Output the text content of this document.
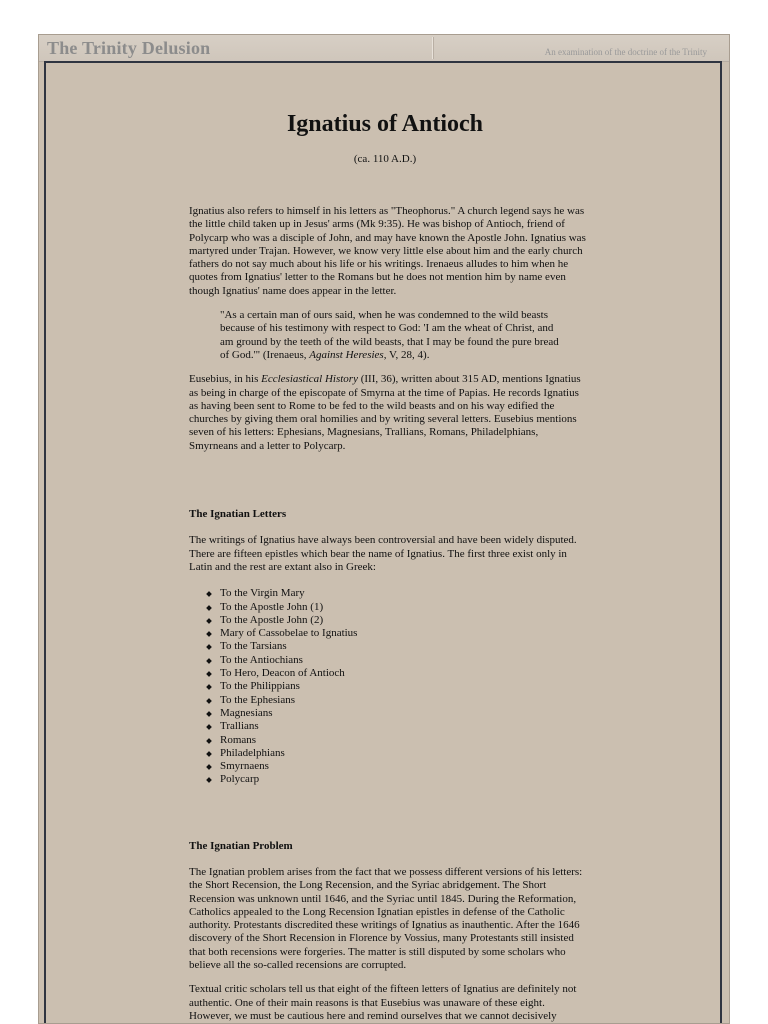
The Trinity Delusion	An examination of the doctrine of the Trinity
Ignatius of Antioch
(ca. 110 A.D.)

Ignatius also refers to himself in his letters as "Theophorus." A church legend says he was the little child taken up in Jesus' arms (Mk 9:35). He was bishop of Antioch, friend of Polycarp who was a disciple of John, and may have known the Apostle John. Ignatius was martyred under Trajan. However, we know very little else about him and the early church fathers do not say much about his life or his writings. Irenaeus alludes to him when he quotes from Ignatius' letter to the Romans but he does not mention him by name even though Ignatius' name does appear in the letter.

"As a certain man of ours said, when he was condemned to the wild beasts because of his testimony with respect to God: 'I am the wheat of Christ, and am ground by the teeth of the wild beasts, that I may be found the pure bread of God.'" (Irenaeus, Against Heresies, V, 28, 4).

Eusebius, in his Ecclesiastical History (III, 36), written about 315 AD, mentions Ignatius as being in charge of the episcopate of Smyrna at the time of Papias. He records Ignatius as having been sent to Rome to be fed to the wild beasts and on his way edified the churches by giving them oral homilies and by writing several letters. Eusebius mentions seven of his letters: Ephesians, Magnesians, Trallians, Romans, Philadelphians, Smyrneans and a letter to Polycarp.

The Ignatian Letters

The writings of Ignatius have always been controversial and have been widely disputed. There are fifteen epistles which bear the name of Ignatius. The first three exist only in Latin and the rest are extant also in Greek:

To the Virgin Mary
To the Apostle John (1)
To the Apostle John (2)
Mary of Cassobelae to Ignatius
To the Tarsians
To the Antiochians
To Hero, Deacon of Antioch
To the Philippians
To the Ephesians
Magnesians
Trallians
Romans
Philadelphians
Smyrnaens
Polycarp

The Ignatian Problem

The Ignatian problem arises from the fact that we possess different versions of his letters: the Short Recension, the Long Recension, and the Syriac abridgement. The Short Recension was unknown until 1646, and the Syriac until 1845. During the Reformation, Catholics appealed to the Long Recension Ignatian epistles in defense of the Catholic authority. Protestants discredited these writings of Ignatius as inauthentic. After the 1646 discovery of the Short Recension in Florence by Vossius, many Protestants still insisted that both recensions were forgeries. The matter is still disputed by some scholars who believe all the so-called recensions are corrupted.

Textual critic scholars tell us that eight of the fifteen letters of Ignatius are definitely not authentic. One of their main reasons is that Eusebius was unaware of these eight. However, we must be cautious here and remind ourselves that we cannot decisively
